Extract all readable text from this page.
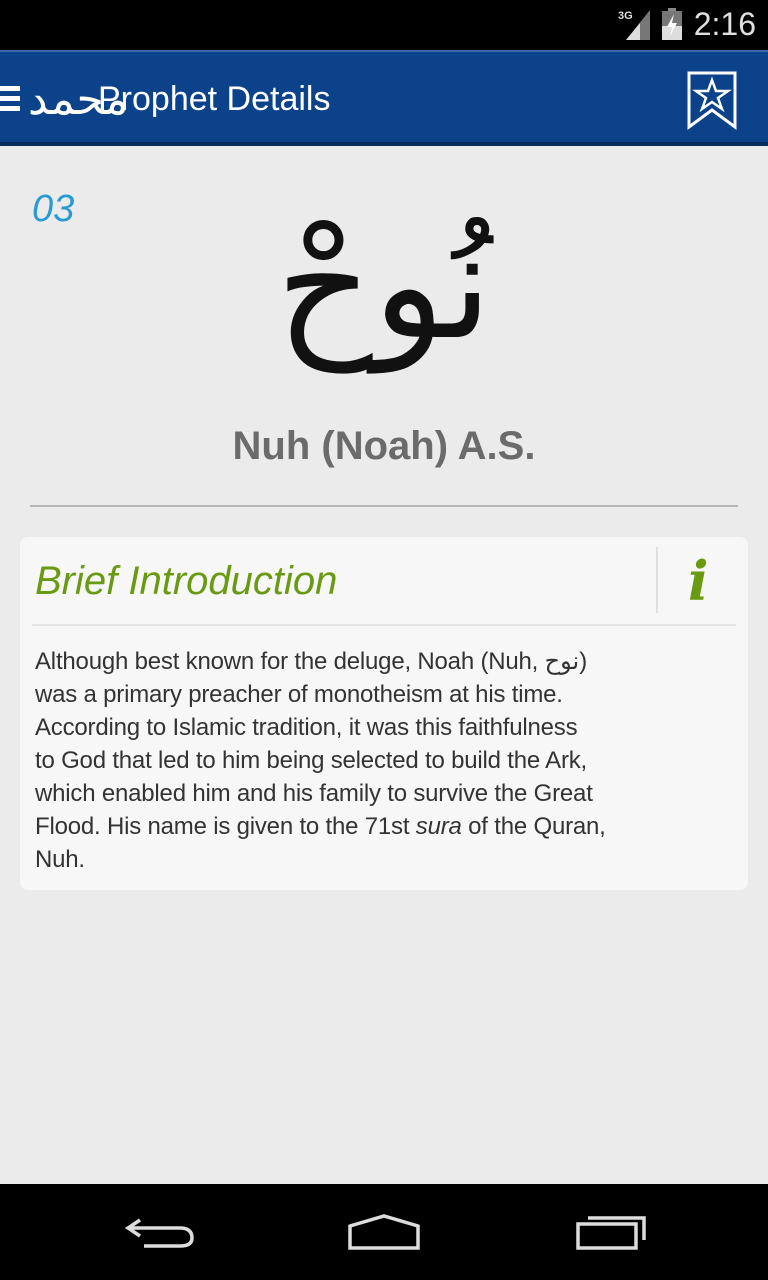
3G 2:16
محمد
Prophet Details
03 نُوحْ
Nuh (Noah) A.S.
Brief Introduction	i
Although best known for the deluge, Noah (Nuh, نوح)
was a primary preacher of monotheism at his time.
According to Islamic tradition, it was this faithfulness
to God that led to him being selected to build the Ark,
which enabled him and his family to survive the Great
Flood. His name is given to the 71st sura of the Quran,
Nuh.
